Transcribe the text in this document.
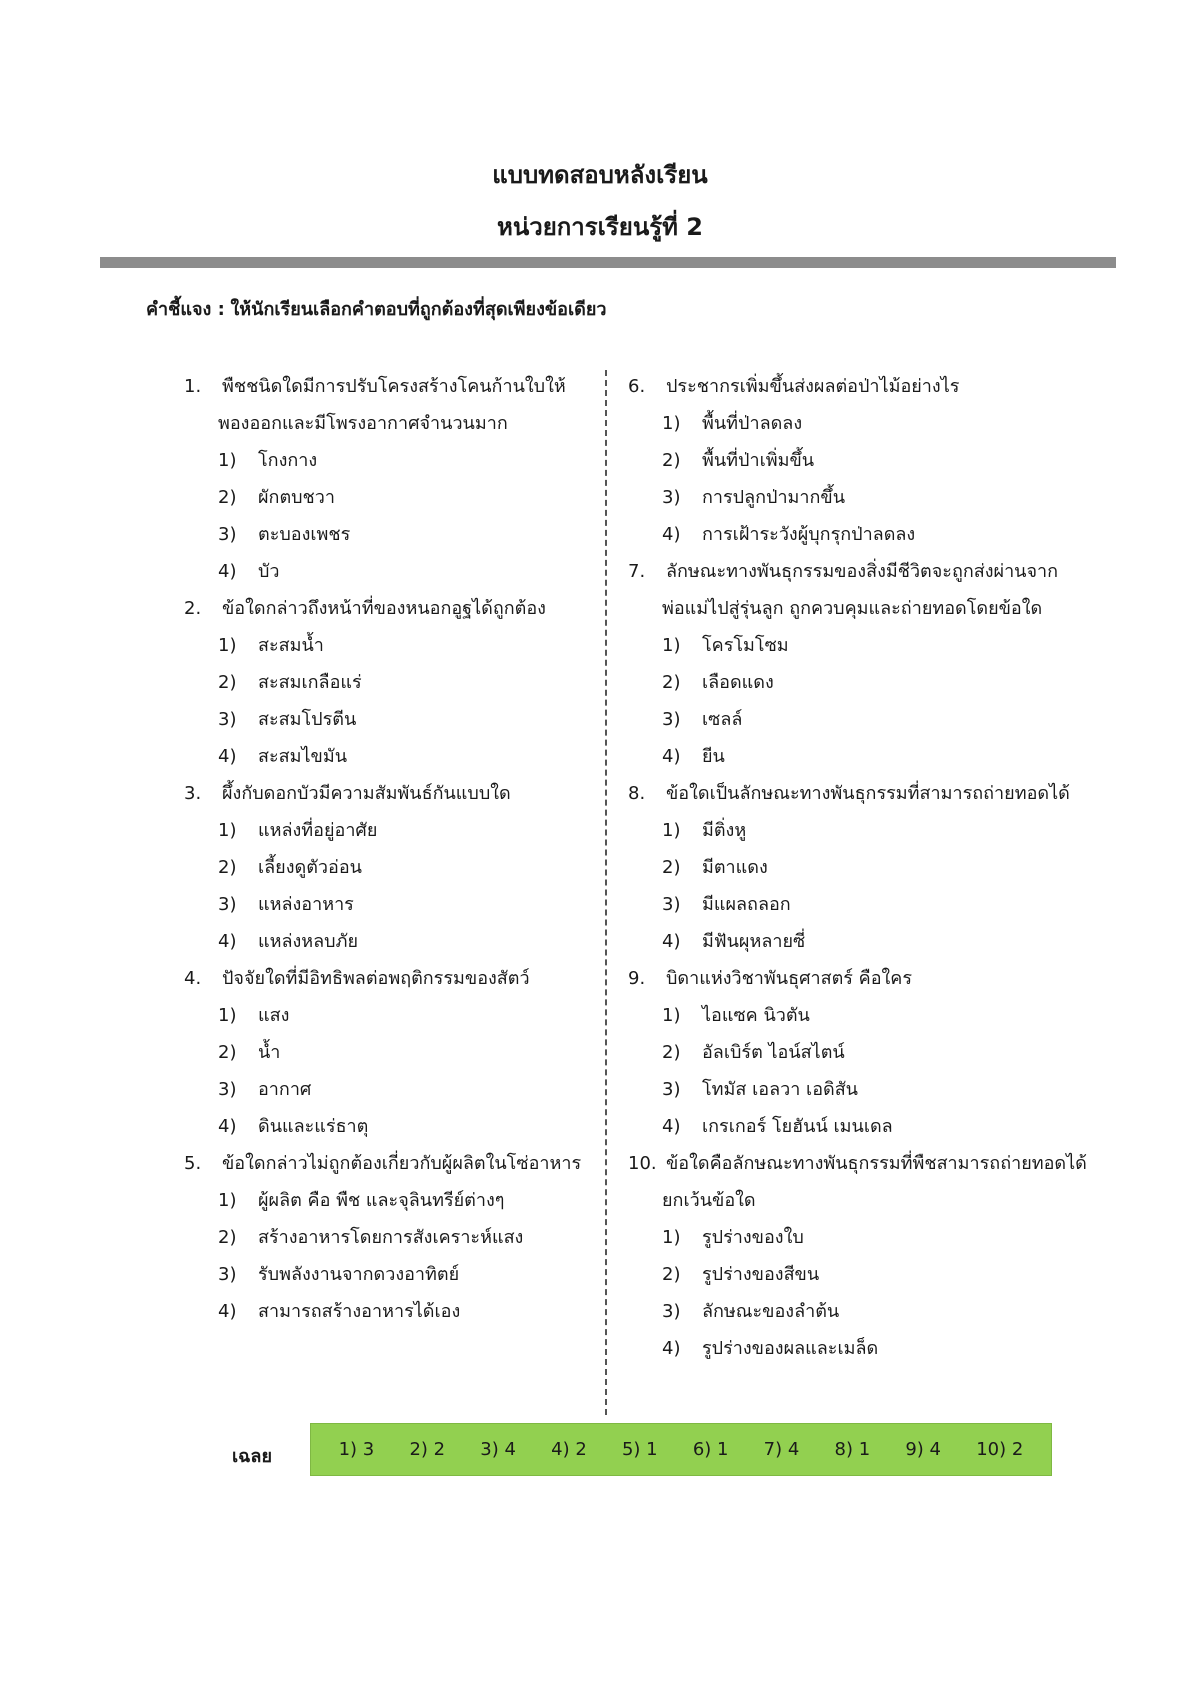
แบบทดสอบหลังเรียน
หน่วยการเรียนรู้ที่ 2
คำชี้แจง : ให้นักเรียนเลือกคำตอบที่ถูกต้องที่สุดเพียงข้อเดียว
1. พืชชนิดใดมีการปรับโครงสร้างโคนก้านใบให้
พองออกและมีโพรงอากาศจำนวนมาก
1) โกงกาง
2) ผักตบชวา
3) ตะบองเพชร
4) บัว
2. ข้อใดกล่าวถึงหน้าที่ของหนอกอูฐได้ถูกต้อง
1) สะสมน้ำ
2) สะสมเกลือแร่
3) สะสมโปรตีน
4) สะสมไขมัน
3. ผึ้งกับดอกบัวมีความสัมพันธ์กันแบบใด
1) แหล่งที่อยู่อาศัย
2) เลี้ยงดูตัวอ่อน
3) แหล่งอาหาร
4) แหล่งหลบภัย
4. ปัจจัยใดที่มีอิทธิพลต่อพฤติกรรมของสัตว์
1) แสง
2) น้ำ
3) อากาศ
4) ดินและแร่ธาตุ
5. ข้อใดกล่าวไม่ถูกต้องเกี่ยวกับผู้ผลิตในโซ่อาหาร
1) ผู้ผลิต คือ พืช และจุลินทรีย์ต่างๆ
2) สร้างอาหารโดยการสังเคราะห์แสง
3) รับพลังงานจากดวงอาทิตย์
4) สามารถสร้างอาหารได้เอง
6. ประชากรเพิ่มขึ้นส่งผลต่อป่าไม้อย่างไร
1) พื้นที่ป่าลดลง
2) พื้นที่ป่าเพิ่มขึ้น
3) การปลูกป่ามากขึ้น
4) การเฝ้าระวังผู้บุกรุกป่าลดลง
7. ลักษณะทางพันธุกรรมของสิ่งมีชีวิตจะถูกส่งผ่านจาก
พ่อแม่ไปสู่รุ่นลูก ถูกควบคุมและถ่ายทอดโดยข้อใด
1) โครโมโซม
2) เลือดแดง
3) เซลล์
4) ยีน
8. ข้อใดเป็นลักษณะทางพันธุกรรมที่สามารถถ่ายทอดได้
1) มีติ่งหู
2) มีตาแดง
3) มีแผลถลอก
4) มีฟันผุหลายซี่
9. บิดาแห่งวิชาพันธุศาสตร์ คือใคร
1) ไอแซค นิวตัน
2) อัลเบิร์ต ไอน์สไตน์
3) โทมัส เอลวา เอดิสัน
4) เกรเกอร์ โยฮันน์ เมนเดล
10. ข้อใดคือลักษณะทางพันธุกรรมที่พืชสามารถถ่ายทอดได้
ยกเว้นข้อใด
1) รูปร่างของใบ
2) รูปร่างของสีขน
3) ลักษณะของลำต้น
4) รูปร่างของผลและเมล็ด
เฉลย	1) 3 2) 2 3) 4 4) 2 5) 1 6) 1 7) 4 8) 1 9) 4 10) 2
